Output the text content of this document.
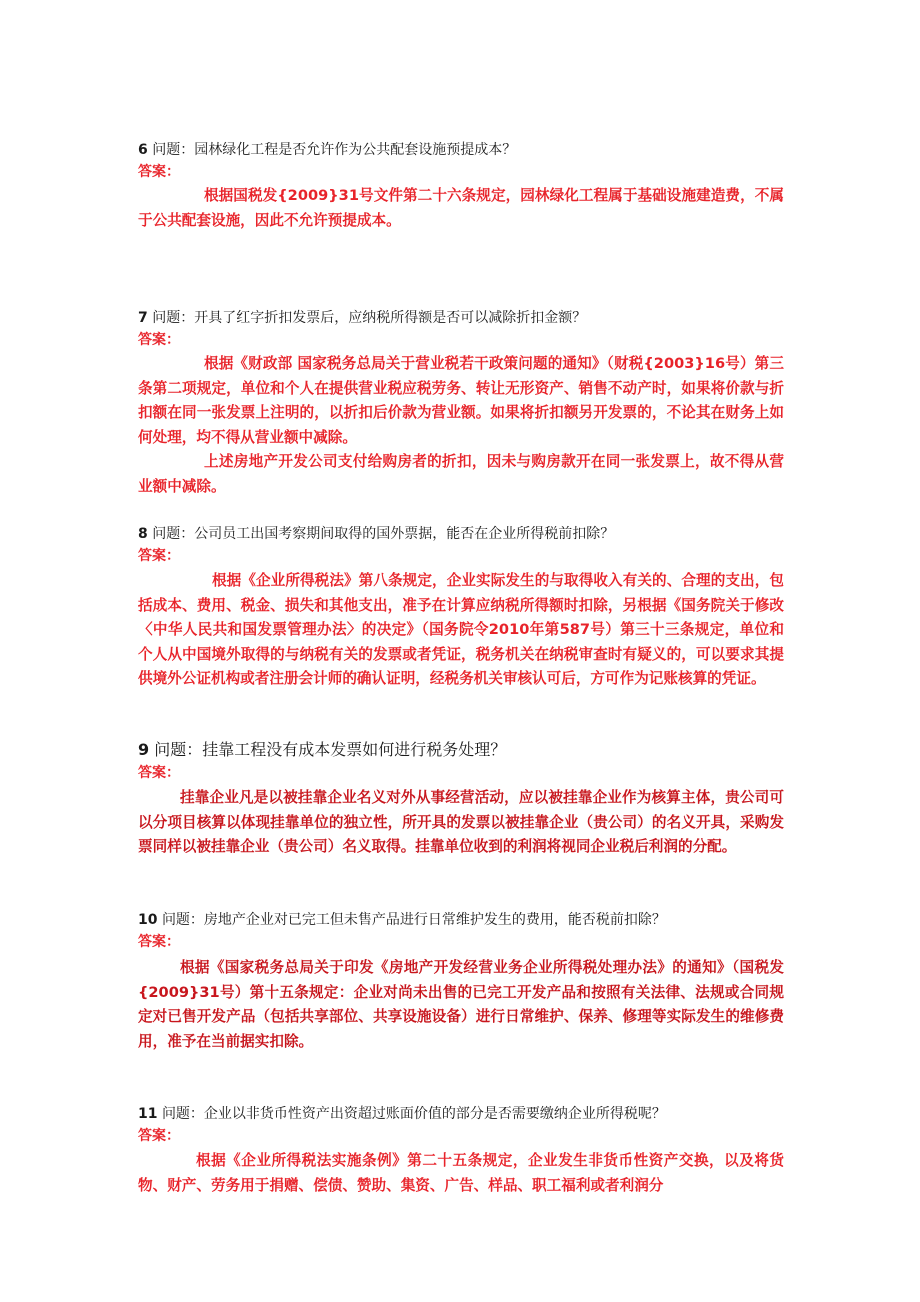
6 问题：园林绿化工程是否允许作为公共配套设施预提成本？
答案：
根据国税发{2009}31号文件第二十六条规定，园林绿化工程属于基础设施建造费，不属于公共配套设施，因此不允许预提成本。
7 问题：开具了红字折扣发票后，应纳税所得额是否可以减除折扣金额？
答案：
根据《财政部 国家税务总局关于营业税若干政策问题的通知》（财税{2003}16号）第三条第二项规定，单位和个人在提供营业税应税劳务、转让无形资产、销售不动产时，如果将价款与折扣额在同一张发票上注明的，以折扣后价款为营业额。如果将折扣额另开发票的，不论其在财务上如何处理，均不得从营业额中减除。
上述房地产开发公司支付给购房者的折扣，因未与购房款开在同一张发票上，故不得从营业额中减除。
8 问题：公司员工出国考察期间取得的国外票据，能否在企业所得税前扣除？
答案：
根据《企业所得税法》第八条规定，企业实际发生的与取得收入有关的、合理的支出，包括成本、费用、税金、损失和其他支出，准予在计算应纳税所得额时扣除，另根据《国务院关于修改〈中华人民共和国发票管理办法〉的决定》（国务院令2010年第587号）第三十三条规定，单位和个人从中国境外取得的与纳税有关的发票或者凭证，税务机关在纳税审查时有疑义的，可以要求其提供境外公证机构或者注册会计师的确认证明，经税务机关审核认可后，方可作为记账核算的凭证。
9 问题：挂靠工程没有成本发票如何进行税务处理？
答案：
挂靠企业凡是以被挂靠企业名义对外从事经营活动，应以被挂靠企业作为核算主体，贵公司可以分项目核算以体现挂靠单位的独立性，所开具的发票以被挂靠企业（贵公司）的名义开具，采购发票同样以被挂靠企业（贵公司）名义取得。挂靠单位收到的利润将视同企业税后利润的分配。
10 问题：房地产企业对已完工但未售产品进行日常维护发生的费用，能否税前扣除？
答案：
根据《国家税务总局关于印发《房地产开发经营业务企业所得税处理办法》的通知》（国税发{2009}31号）第十五条规定：企业对尚未出售的已完工开发产品和按照有关法律、法规或合同规定对已售开发产品（包括共享部位、共享设施设备）进行日常维护、保养、修理等实际发生的维修费用，准予在当前据实扣除。
11 问题：企业以非货币性资产出资超过账面价值的部分是否需要缴纳企业所得税呢？
答案：
根据《企业所得税法实施条例》第二十五条规定，企业发生非货币性资产交换，以及将货物、财产、劳务用于捐赠、偿债、赞助、集资、广告、样品、职工福利或者利润分
